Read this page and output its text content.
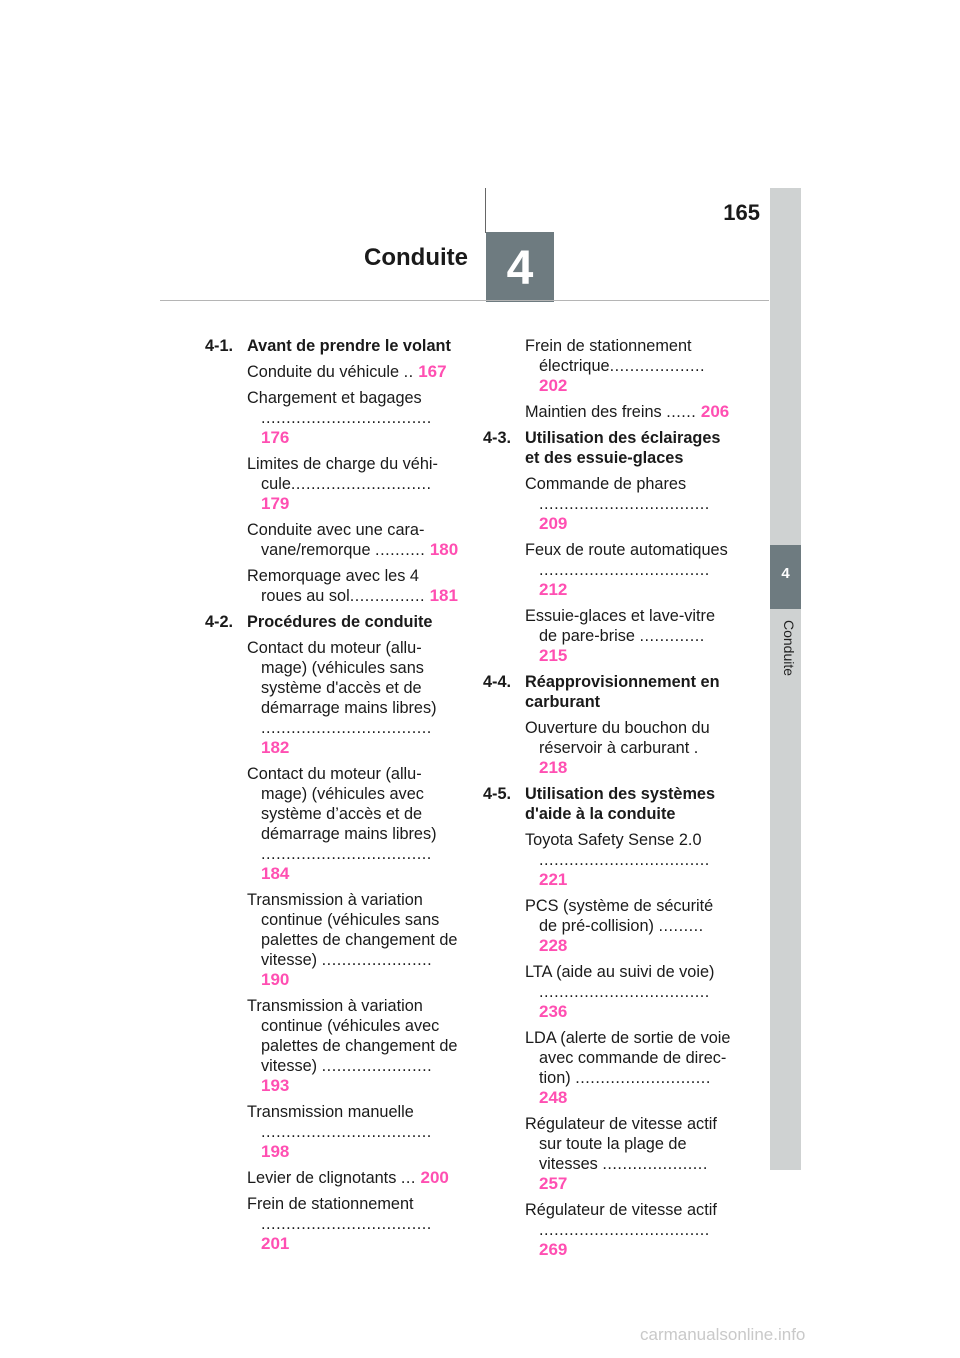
165
Conduite 4
4
Conduite
4-1. Avant de prendre le volant
Conduite du véhicule .. 167
Chargement et bagages .................................. 176
Limites de charge du véhi-cule............................ 179
Conduite avec une cara-vane/remorque .......... 180
Remorquage avec les 4 roues au sol............... 181
4-2. Procédures de conduite
Contact du moteur (allu-mage) (véhicules sans système d'accès et de démarrage mains libres) .................................. 182
Contact du moteur (allu-mage) (véhicules avec système d’accès et de démarrage mains libres) .................................. 184
Transmission à variation continue (véhicules sans palettes de changement de vitesse) ...................... 190
Transmission à variation continue (véhicules avec palettes de changement de vitesse) ...................... 193
Transmission manuelle .................................. 198
Levier de clignotants ... 200
Frein de stationnement .................................. 201
Frein de stationnement électrique................... 202
Maintien des freins ...... 206
4-3. Utilisation des éclairages et des essuie-glaces
Commande de phares .................................. 209
Feux de route automatiques .................................. 212
Essuie-glaces et lave-vitre de pare-brise ............. 215
4-4. Réapprovisionnement en carburant
Ouverture du bouchon du réservoir à carburant . 218
4-5. Utilisation des systèmes d'aide à la conduite
Toyota Safety Sense 2.0 .................................. 221
PCS (système de sécurité de pré-collision) ......... 228
LTA (aide au suivi de voie) .................................. 236
LDA (alerte de sortie de voie avec commande de direc-tion) ........................... 248
Régulateur de vitesse actif sur toute la plage de vitesses ..................... 257
Régulateur de vitesse actif .................................. 269
carmanualsonline.info
